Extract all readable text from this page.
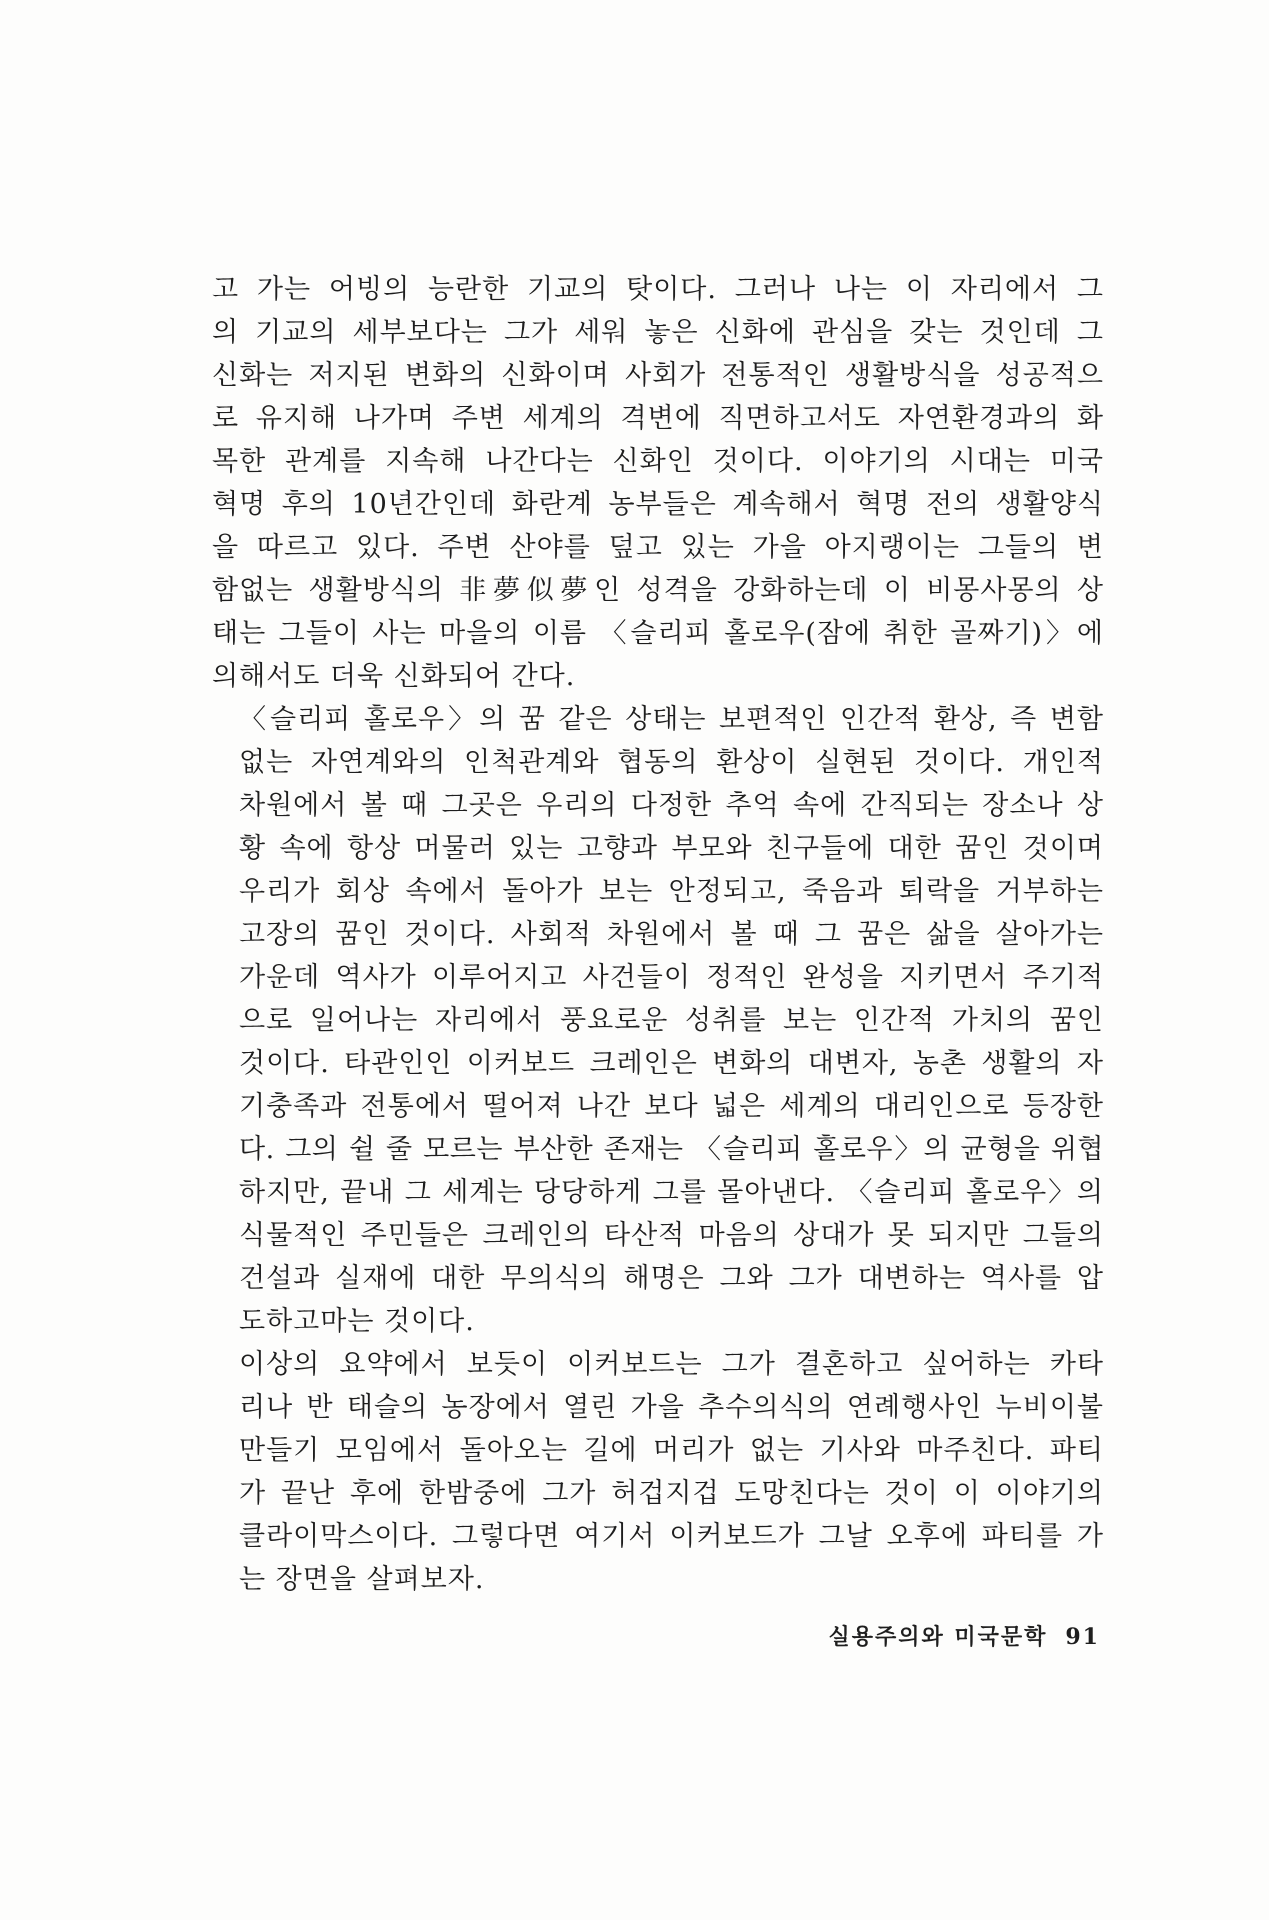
고 가는 어빙의 능란한 기교의 탓이다. 그러나 나는 이 자리에서 그
의 기교의 세부보다는 그가 세워 놓은 신화에 관심을 갖는 것인데 그
신화는 저지된 변화의 신화이며 사회가 전통적인 생활방식을 성공적으
로 유지해 나가며 주변 세계의 격변에 직면하고서도 자연환경과의 화
목한 관계를 지속해 나간다는 신화인 것이다. 이야기의 시대는 미국
혁명 후의 10년간인데 화란계 농부들은 계속해서 혁명 전의 생활양식
을 따르고 있다. 주변 산야를 덮고 있는 가을 아지랭이는 그들의 변
함없는 생활방식의 非夢似夢인 성격을 강화하는데 이 비몽사몽의 상
태는 그들이 사는 마을의 이름 〈슬리피 홀로우(잠에 취한 골짜기)〉에
의해서도 더욱 신화되어 간다.

〈슬리피 홀로우〉의 꿈 같은 상태는 보편적인 인간적 환상, 즉 변함
없는 자연계와의 인척관계와 협동의 환상이 실현된 것이다. 개인적
차원에서 볼 때 그곳은 우리의 다정한 추억 속에 간직되는 장소나 상
황 속에 항상 머물러 있는 고향과 부모와 친구들에 대한 꿈인 것이며
우리가 회상 속에서 돌아가 보는 안정되고, 죽음과 퇴락을 거부하는
고장의 꿈인 것이다. 사회적 차원에서 볼 때 그 꿈은 삶을 살아가는
가운데 역사가 이루어지고 사건들이 정적인 완성을 지키면서 주기적
으로 일어나는 자리에서 풍요로운 성취를 보는 인간적 가치의 꿈인
것이다. 타관인인 이커보드 크레인은 변화의 대변자, 농촌 생활의 자
기충족과 전통에서 떨어져 나간 보다 넓은 세계의 대리인으로 등장한
다. 그의 쉴 줄 모르는 부산한 존재는 〈슬리피 홀로우〉의 균형을 위협
하지만, 끝내 그 세계는 당당하게 그를 몰아낸다. 〈슬리피 홀로우〉의
식물적인 주민들은 크레인의 타산적 마음의 상대가 못 되지만 그들의
건설과 실재에 대한 무의식의 해명은 그와 그가 대변하는 역사를 압
도하고마는 것이다.

이상의 요약에서 보듯이 이커보드는 그가 결혼하고 싶어하는 카타
리나 반 태슬의 농장에서 열린 가을 추수의식의 연례행사인 누비이불
만들기 모임에서 돌아오는 길에 머리가 없는 기사와 마주친다. 파티
가 끝난 후에 한밤중에 그가 허겁지겁 도망친다는 것이 이 이야기의
클라이막스이다. 그렇다면 여기서 이커보드가 그날 오후에 파티를 가
는 장면을 살펴보자.

실용주의와 미국문학 91
